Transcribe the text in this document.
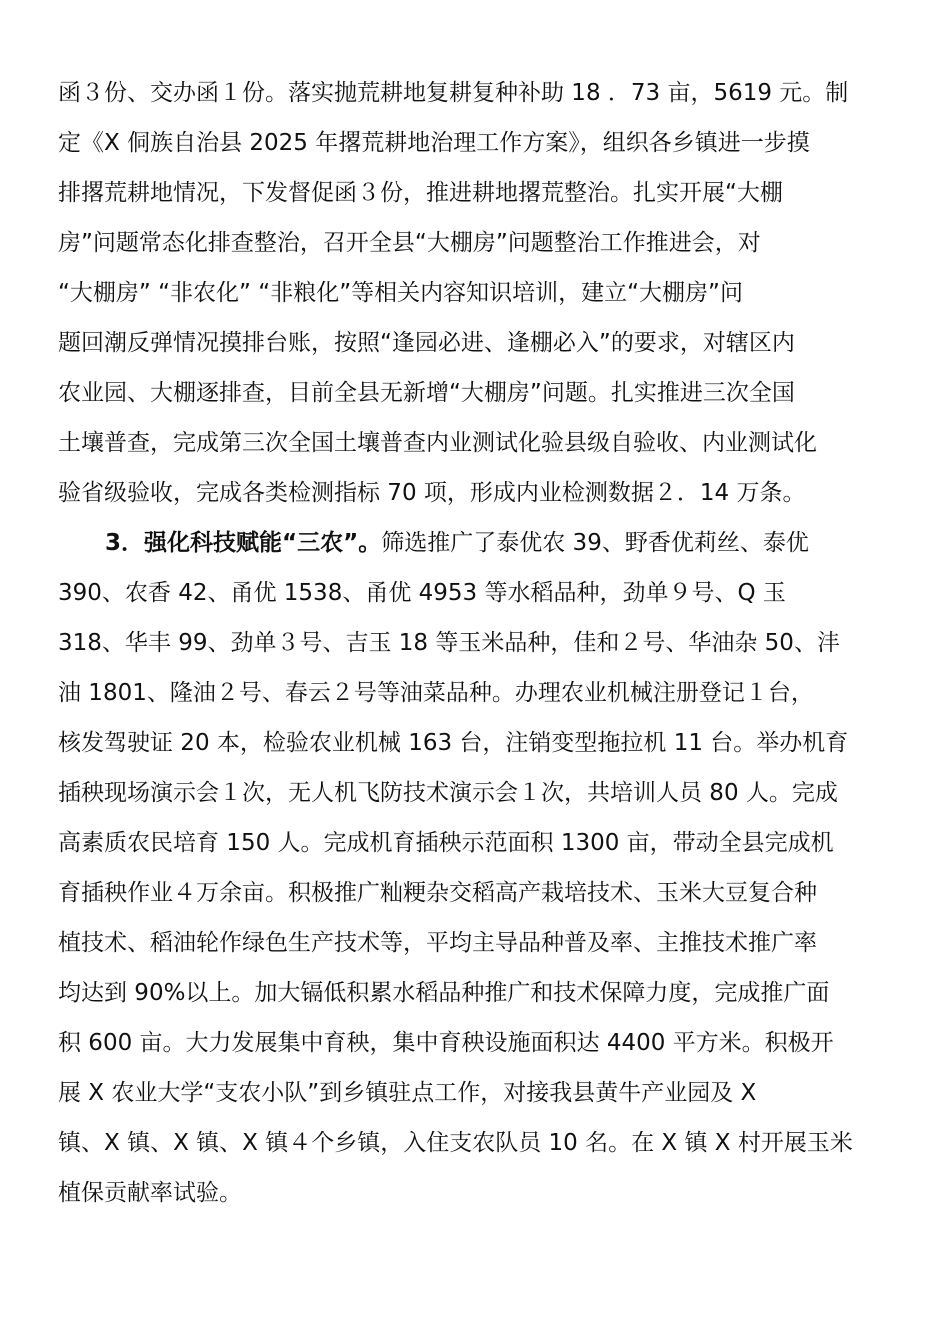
函３份、交办函１份。落实抛荒耕地复耕复种补助 18 ．73 亩，5619 元。制
定《X 侗族自治县 2025 年撂荒耕地治理工作方案》，组织各乡镇进一步摸
排撂荒耕地情况，下发督促函３份，推进耕地撂荒整治。扎实开展“大棚
房”问题常态化排查整治，召开全县“大棚房”问题整治工作推进会，对
“大棚房” “非农化” “非粮化”等相关内容知识培训，建立“大棚房”问
题回潮反弹情况摸排台账，按照“逢园必进、逢棚必入”的要求，对辖区内
农业园、大棚逐排查，目前全县无新增“大棚房”问题。扎实推进三次全国
土壤普查，完成第三次全国土壤普查内业测试化验县级自验收、内业测试化
验省级验收，完成各类检测指标 70 项，形成内业检测数据２．14 万条。
3．强化科技赋能“三农”。筛选推广了泰优农 39、野香优莉丝、泰优
390、农香 42、甬优 1538、甬优 4953 等水稻品种，劲单９号、Q 玉
318、华丰 99、劲单３号、吉玉 18 等玉米品种，佳和２号、华油杂 50、沣
油 1801、隆油２号、春云２号等油菜品种。办理农业机械注册登记１台，
核发驾驶证 20 本，检验农业机械 163 台，注销变型拖拉机 11 台。举办机育
插秧现场演示会１次，无人机飞防技术演示会１次，共培训人员 80 人。完成
高素质农民培育 150 人。完成机育插秧示范面积 1300 亩，带动全县完成机
育插秧作业４万余亩。积极推广籼粳杂交稻高产栽培技术、玉米大豆复合种
植技术、稻油轮作绿色生产技术等，平均主导品种普及率、主推技术推广率
均达到 90%以上。加大镉低积累水稻品种推广和技术保障力度，完成推广面
积 600 亩。大力发展集中育秧，集中育秧设施面积达 4400 平方米。积极开
展 X 农业大学“支农小队”到乡镇驻点工作，对接我县黄牛产业园及 X
镇、X 镇、X 镇、X 镇４个乡镇，入住支农队员 10 名。在 X 镇 X 村开展玉米
植保贡献率试验。
